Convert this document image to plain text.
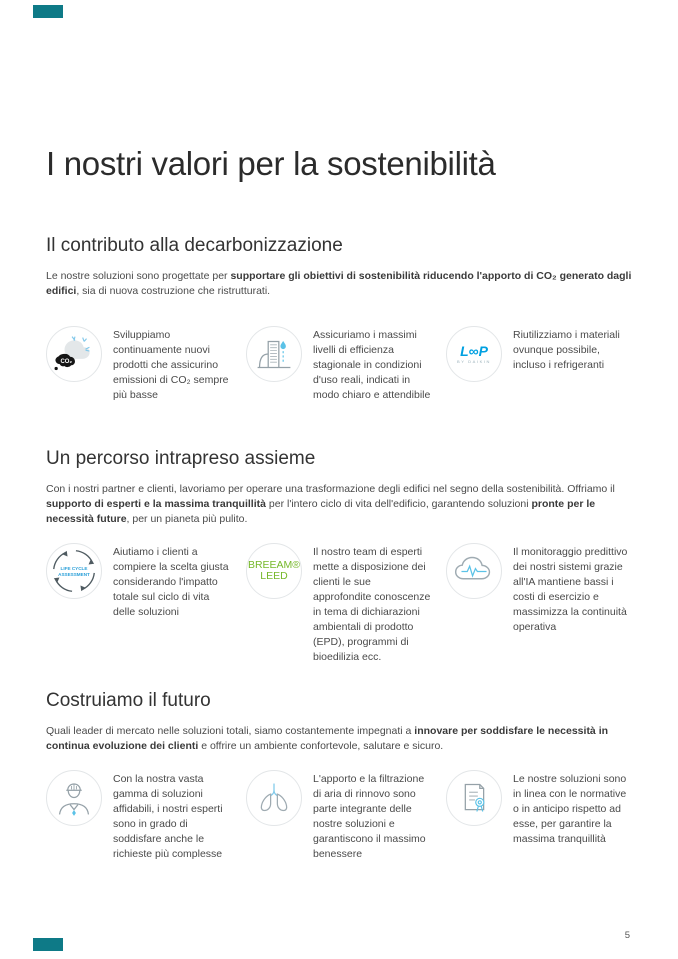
I nostri valori per la sostenibilità
Il contributo alla decarbonizzazione

Le nostre soluzioni sono progettate per supportare gli obiettivi di sostenibilità riducendo l'apporto di CO₂ generato dagli edifici, sia di nuova costruzione che ristrutturati.

CO₂
Sviluppiamo continuamente nuovi prodotti che assicurino emissioni di CO₂ sempre più basse
Assicuriamo i massimi livelli di efficienza stagionale in condizioni d'uso reali, indicati in modo chiaro e attendibile
L∞P
BY DAIKIN
Riutilizziamo i materiali ovunque possibile, incluso i refrigeranti
Un percorso intrapreso assieme

Con i nostri partner e clienti, lavoriamo per operare una trasformazione degli edifici nel segno della sostenibilità. Offriamo il supporto di esperti e la massima tranquillità per l'intero ciclo di vita dell'edificio, garantendo soluzioni pronte per le necessità future, per un pianeta più pulito.

LIFE CYCLE
ASSESSMENT
Aiutiamo i clienti a compiere la scelta giusta considerando l'impatto totale sul ciclo di vita delle soluzioni
BREEAM®
LEED
Il nostro team di esperti mette a disposizione dei clienti le sue approfondite conoscenze in tema di dichiarazioni ambientali di prodotto (EPD), programmi di bioedilizia ecc.
Il monitoraggio predittivo dei nostri sistemi grazie all'IA mantiene bassi i costi di esercizio e massimizza la continuità operativa
Costruiamo il futuro

Quali leader di mercato nelle soluzioni totali, siamo costantemente impegnati a innovare per soddisfare le necessità in continua evoluzione dei clienti e offrire un ambiente confortevole, salutare e sicuro.

Con la nostra vasta gamma di soluzioni affidabili, i nostri esperti sono in grado di soddisfare anche le richieste più complesse
L'apporto e la filtrazione di aria di rinnovo sono parte integrante delle nostre soluzioni e garantiscono il massimo benessere
Le nostre soluzioni sono in linea con le normative o in anticipo rispetto ad esse, per garantire la massima tranquillità
5
